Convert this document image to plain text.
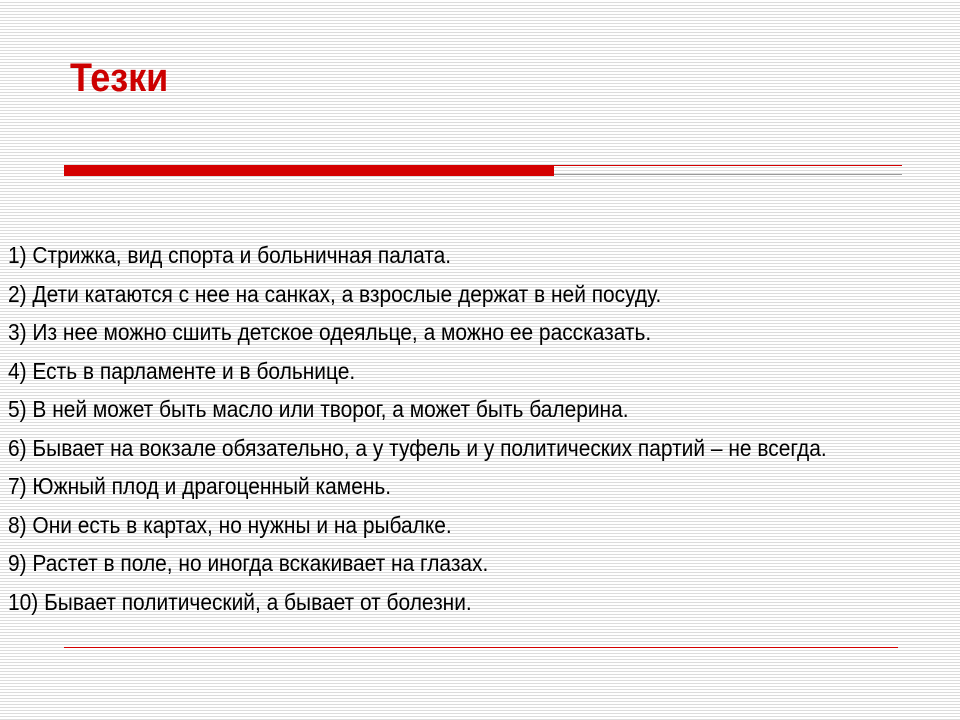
Тезки
1) Стрижка, вид спорта и больничная палата.
2) Дети катаются с нее на санках, а взрослые держат в ней посуду.
3) Из нее можно сшить детское одеяльце, а можно ее рассказать.
4) Есть в парламенте и в больнице.
5) В ней может быть масло или творог, а может быть балерина.
6) Бывает на вокзале обязательно, а у туфель и у политических партий – не всегда.
7) Южный плод и драгоценный камень.
8) Они есть в картах, но нужны и на рыбалке.
9) Растет в поле, но иногда вскакивает на глазах.
10) Бывает политический, а бывает от болезни.
